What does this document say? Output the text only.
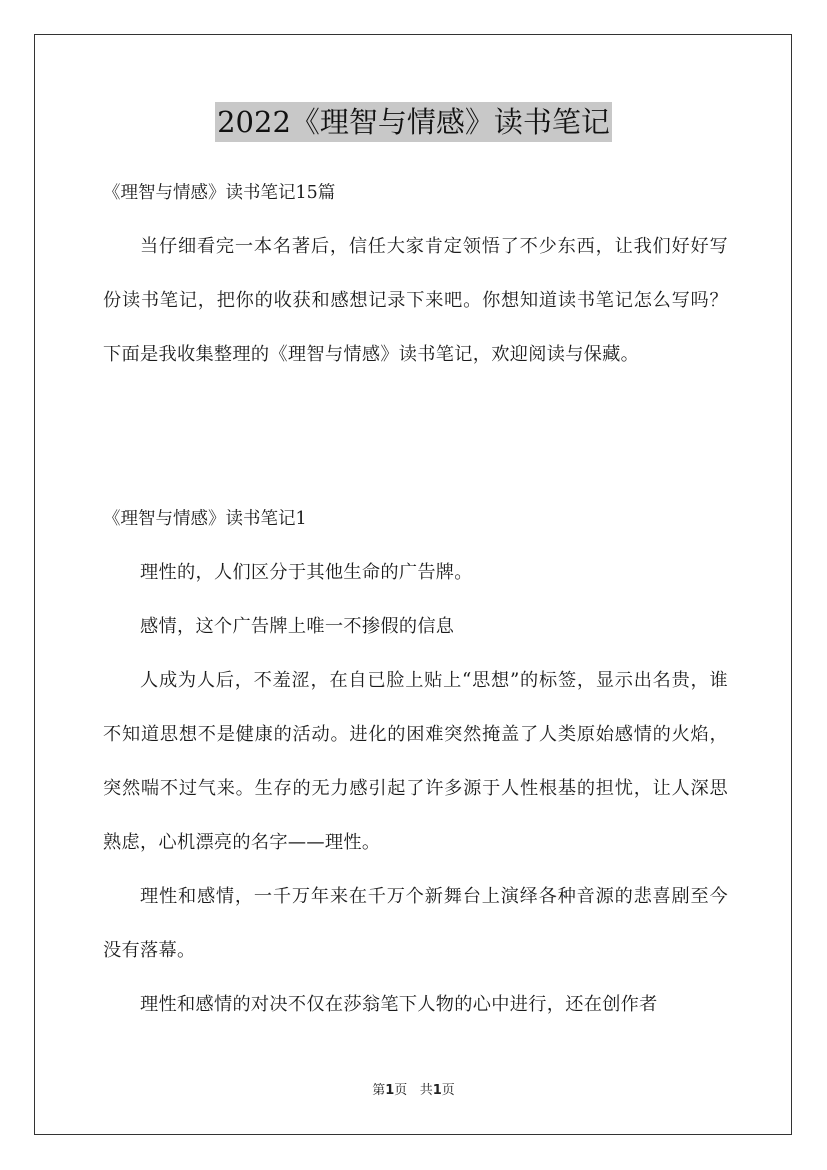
2022《理智与情感》读书笔记
《理智与情感》读书笔记15篇

当仔细看完一本名著后，信任大家肯定领悟了不少东西，让我们好好写份读书笔记，把你的收获和感想记录下来吧。你想知道读书笔记怎么写吗？下面是我收集整理的《理智与情感》读书笔记，欢迎阅读与保藏。

《理智与情感》读书笔记1

理性的，人们区分于其他生命的广告牌。

感情，这个广告牌上唯一不掺假的信息

人成为人后，不羞涩，在自已脸上贴上“思想”的标签，显示出名贵，谁不知道思想不是健康的活动。进化的困难突然掩盖了人类原始感情的火焰，突然喘不过气来。生存的无力感引起了许多源于人性根基的担忧，让人深思熟虑，心机漂亮的名字——理性。

理性和感情，一千万年来在千万个新舞台上演绎各种音源的悲喜剧至今没有落幕。

理性和感情的对决不仅在莎翁笔下人物的心中进行，还在创作者

第1页 共1页
